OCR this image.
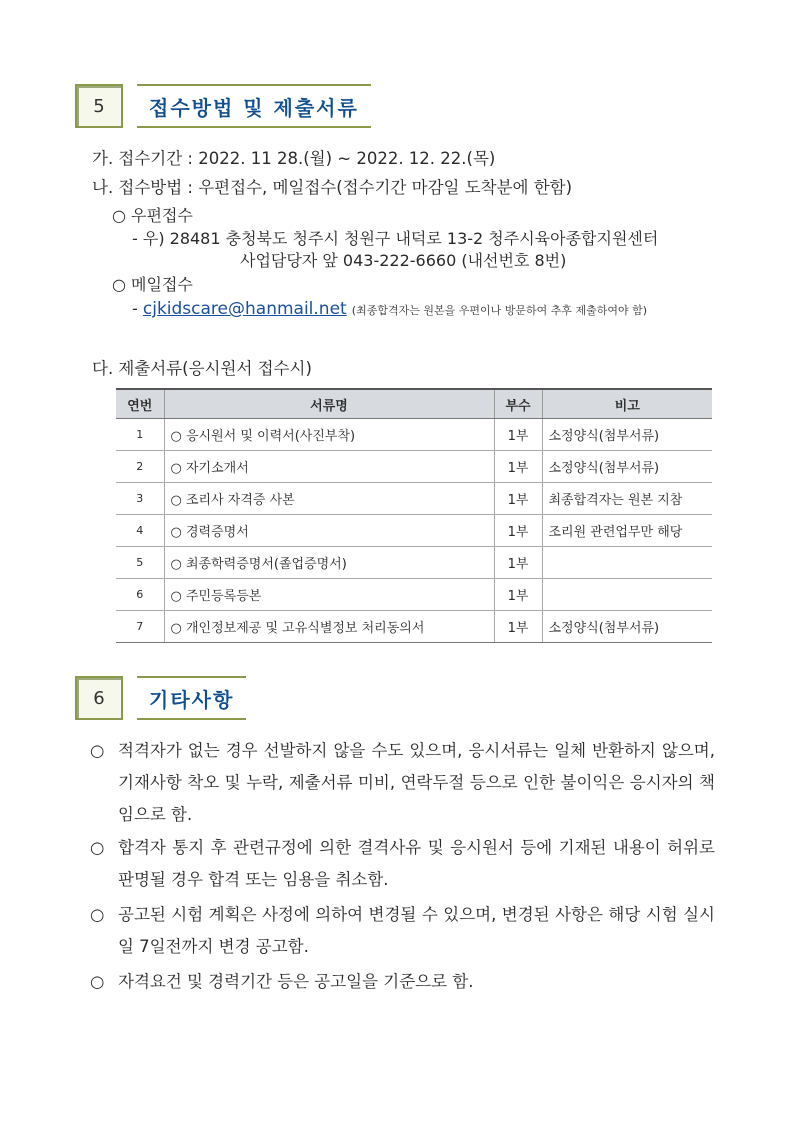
5	접수방법 및 제출서류
가. 접수기간 : 2022. 11 28.(월) ~ 2022. 12. 22.(목)
나. 접수방법 : 우편접수, 메일접수(접수기간 마감일 도착분에 한함)
○ 우편접수
- 우) 28481 충청북도 청주시 청원구 내덕로 13-2 청주시육아종합지원센터
사업담당자 앞 043-222-6660 (내선번호 8번)
○ 메일접수
- cjkidscare@hanmail.net (최종합격자는 원본을 우편이나 방문하여 추후 제출하여야 함)
다. 제출서류(응시원서 접수시)
연번	서류명	부수	비고
1	○ 응시원서 및 이력서(사진부착)	1부	소정양식(첨부서류)
2	○ 자기소개서	1부	소정양식(첨부서류)
3	○ 조리사 자격증 사본	1부	최종합격자는 원본 지참
4	○ 경력증명서	1부	조리원 관련업무만 해당
5	○ 최종학력증명서(졸업증명서)	1부	
6	○ 주민등록등본	1부	
7	○ 개인정보제공 및 고유식별정보 처리동의서	1부	소정양식(첨부서류)
6	기타사항
○ 적격자가 없는 경우 선발하지 않을 수도 있으며, 응시서류는 일체 반환하지 않으며, 기재사항 착오 및 누락, 제출서류 미비, 연락두절 등으로 인한 불이익은 응시자의 책임으로 함.
○ 합격자 통지 후 관련규정에 의한 결격사유 및 응시원서 등에 기재된 내용이 허위로 판명될 경우 합격 또는 임용을 취소함.
○ 공고된 시험 계획은 사정에 의하여 변경될 수 있으며, 변경된 사항은 해당 시험 실시일 7일전까지 변경 공고함.
○ 자격요건 및 경력기간 등은 공고일을 기준으로 함.
